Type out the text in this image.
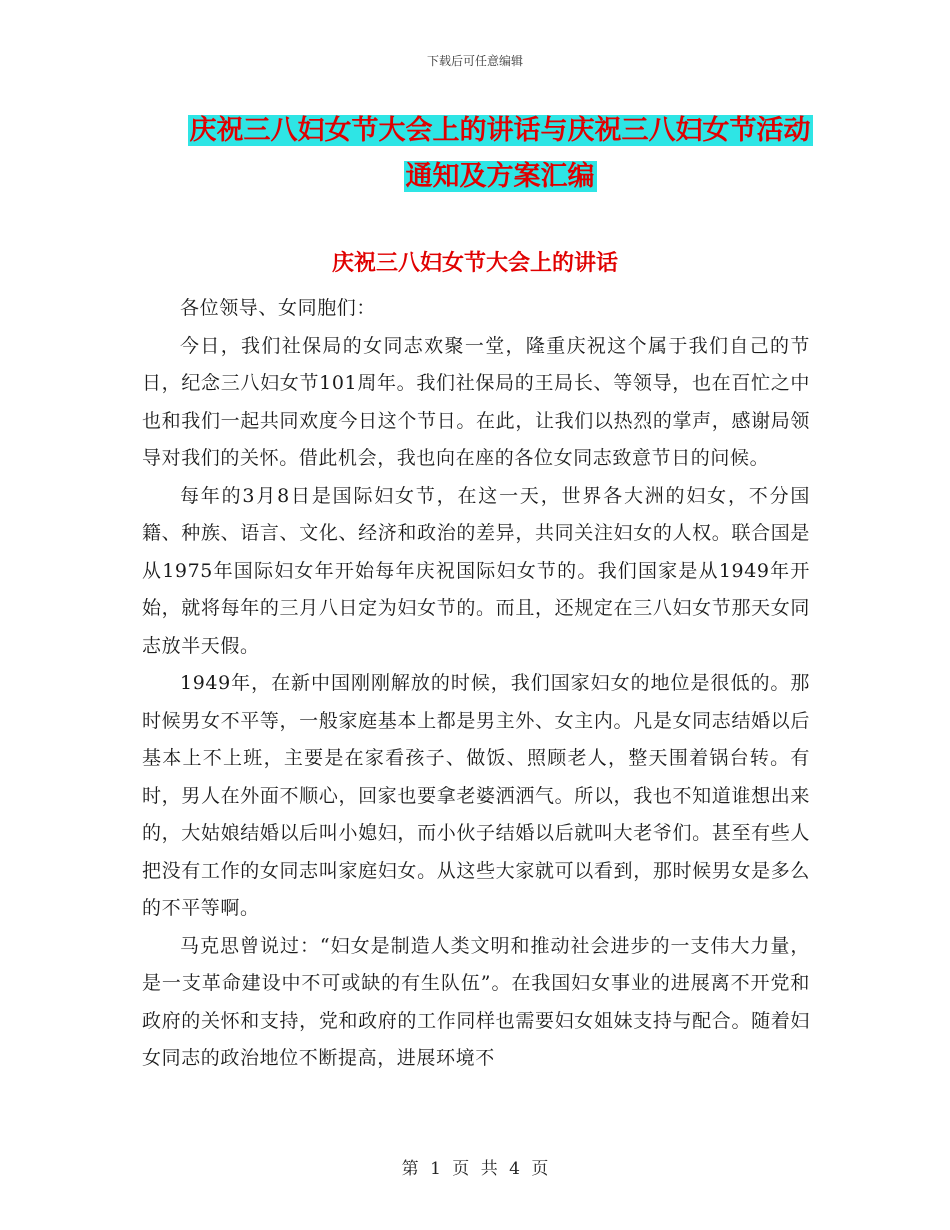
下载后可任意编辑
庆祝三八妇女节大会上的讲话与庆祝三八妇女节活动
通知及方案汇编
庆祝三八妇女节大会上的讲话

各位领导、女同胞们：

今日，我们社保局的女同志欢聚一堂，隆重庆祝这个属于我们自己的节日，纪念三八妇女节101周年。我们社保局的王局长、等领导，也在百忙之中也和我们一起共同欢度今日这个节日。在此，让我们以热烈的掌声，感谢局领导对我们的关怀。借此机会，我也向在座的各位女同志致意节日的问候。

每年的3月8日是国际妇女节，在这一天，世界各大洲的妇女，不分国籍、种族、语言、文化、经济和政治的差异，共同关注妇女的人权。联合国是从1975年国际妇女年开始每年庆祝国际妇女节的。我们国家是从1949年开始，就将每年的三月八日定为妇女节的。而且，还规定在三八妇女节那天女同志放半天假。

1949年，在新中国刚刚解放的时候，我们国家妇女的地位是很低的。那时候男女不平等，一般家庭基本上都是男主外、女主内。凡是女同志结婚以后基本上不上班，主要是在家看孩子、做饭、照顾老人，整天围着锅台转。有时，男人在外面不顺心，回家也要拿老婆洒洒气。所以，我也不知道谁想出来的，大姑娘结婚以后叫小媳妇，而小伙子结婚以后就叫大老爷们。甚至有些人把没有工作的女同志叫家庭妇女。从这些大家就可以看到，那时候男女是多么的不平等啊。

马克思曾说过：“妇女是制造人类文明和推动社会进步的一支伟大力量，是一支革命建设中不可或缺的有生队伍”。在我国妇女事业的进展离不开党和政府的关怀和支持，党和政府的工作同样也需要妇女姐妹支持与配合。随着妇女同志的政治地位不断提高，进展环境不

第 1 页 共 4 页
